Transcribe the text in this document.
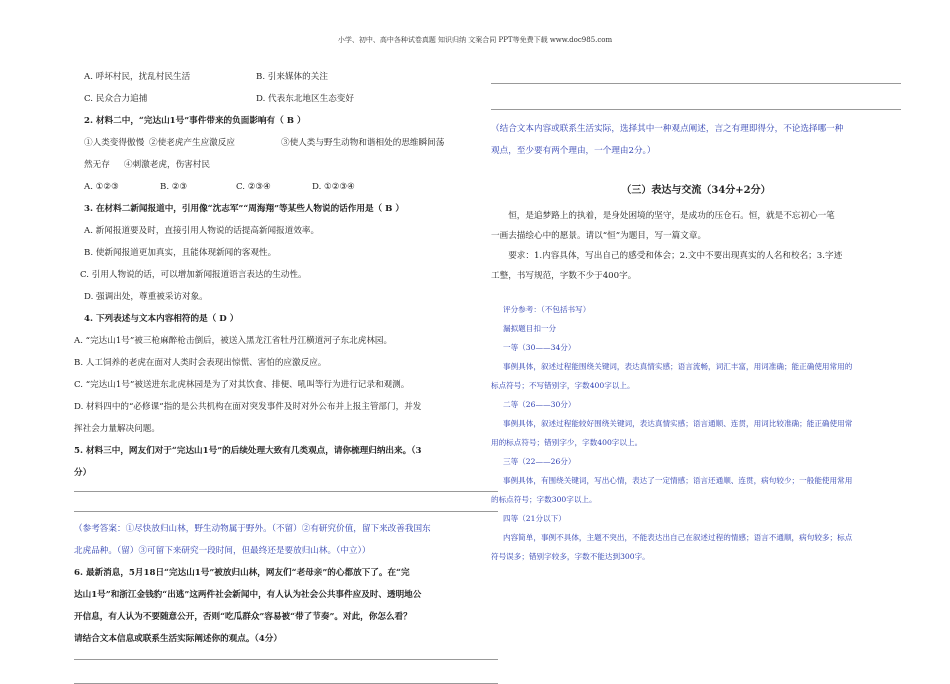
小学、初中、高中各种试卷真题 知识归纳 文案合同 PPT等免费下载 www.doc985.com
A. 呼坏村民，扰乱村民生活	B. 引来媒体的关注
C. 民众合力追捕	D. 代表东北地区生态变好
2. 材料二中，“完达山1号”事件带来的负面影响有（ B ）
①人类变得傲慢 ②使老虎产生应激反应	③使人类与野生动物和谐相处的思维瞬间荡
然无存	④刺激老虎，伤害村民
A. ①②③	B. ②③	C. ②③④	D. ①②③④
3. 在材料二新闻报道中，引用像“沈志军”“周海翔”等某些人物说的话作用是（ B ）
A. 新闻报道要及时，直接引用人物说的话提高新闻报道效率。
B. 使新闻报道更加真实，且能体现新闻的客观性。
C. 引用人物说的话，可以增加新闻报道语言表达的生动性。
D. 强调出处，尊重被采访对象。
4. 下列表述与文本内容相符的是（ D ）
A. “完达山1号”被三枪麻醉枪击倒后，被送入黑龙江省牡丹江横道河子东北虎林园。
B. 人工饲养的老虎在面对人类时会表现出惊慌、害怕的应激反应。
C. “完达山1号”被送进东北虎林园是为了对其饮食、排便、吼叫等行为进行记录和观测。
D. 材料四中的“必修课”指的是公共机构在面对突发事件及时对外公布并上报主管部门，并发
挥社会力量解决问题。
5. 材料三中，网友们对于“完达山1号”的后续处理大致有几类观点，请你梳理归纳出来。（3
分）
（参考答案：①尽快放归山林，野生动物属于野外。（不留）②有研究价值，留下来改善我国东
北虎品种。（留）③可留下来研究一段时间，但最终还是要放归山林。（中立））
6. 最新消息，5月18日“完达山1号”被放归山林，网友们“老母亲”的心都放下了。在“完
达山1号”和浙江金钱豹“出逃”这两件社会新闻中，有人认为社会公共事件应及时、透明地公
开信息，有人认为不要随意公开，否则“吃瓜群众”容易被“带了节奏”。对此，你怎么看？
请结合文本信息或联系生活实际阐述你的观点。（4分）
（结合文本内容或联系生活实际，选择其中一种观点阐述，言之有理即得分，不论选择哪一种
观点，至少要有两个理由，一个理由2分。）
（三）表达与交流（34分+2分）
恒，是追梦路上的执着，是身处困境的坚守，是成功的压仓石。恒，就是不忘初心一笔
一画去描绘心中的愿景。请以“恒”为题目，写一篇文章。
要求：1.内容具体，写出自己的感受和体会；2.文中不要出现真实的人名和校名；3.字迹
工整，书写规范，字数不少于400字。
评分参考：（不包括书写）
漏拟题目扣一分
一等（30——34分）
事例具体，叙述过程能围绕关键词，表达真情实感；语言流畅，词汇丰富，用词准确；能正确使用常用的
标点符号；不写错别字，字数400字以上。
二等（26——30分）
事例具体，叙述过程能较好围绕关键词，表达真情实感；语言通顺、连贯，用词比较准确；能正确使用常
用的标点符号；错别字少，字数400字以上。
三等（22——26分）
事例具体，有围绕关键词，写出心情，表达了一定情感；语言还通顺、连贯，病句较少；一般能使用常用
的标点符号；字数300字以上。
四等（21分以下）
内容简单，事例不具体，主题不突出，不能表达出自己在叙述过程的情感；语言不通顺，病句较多；标点
符号误多；错别字较多，字数不能达到300字。
